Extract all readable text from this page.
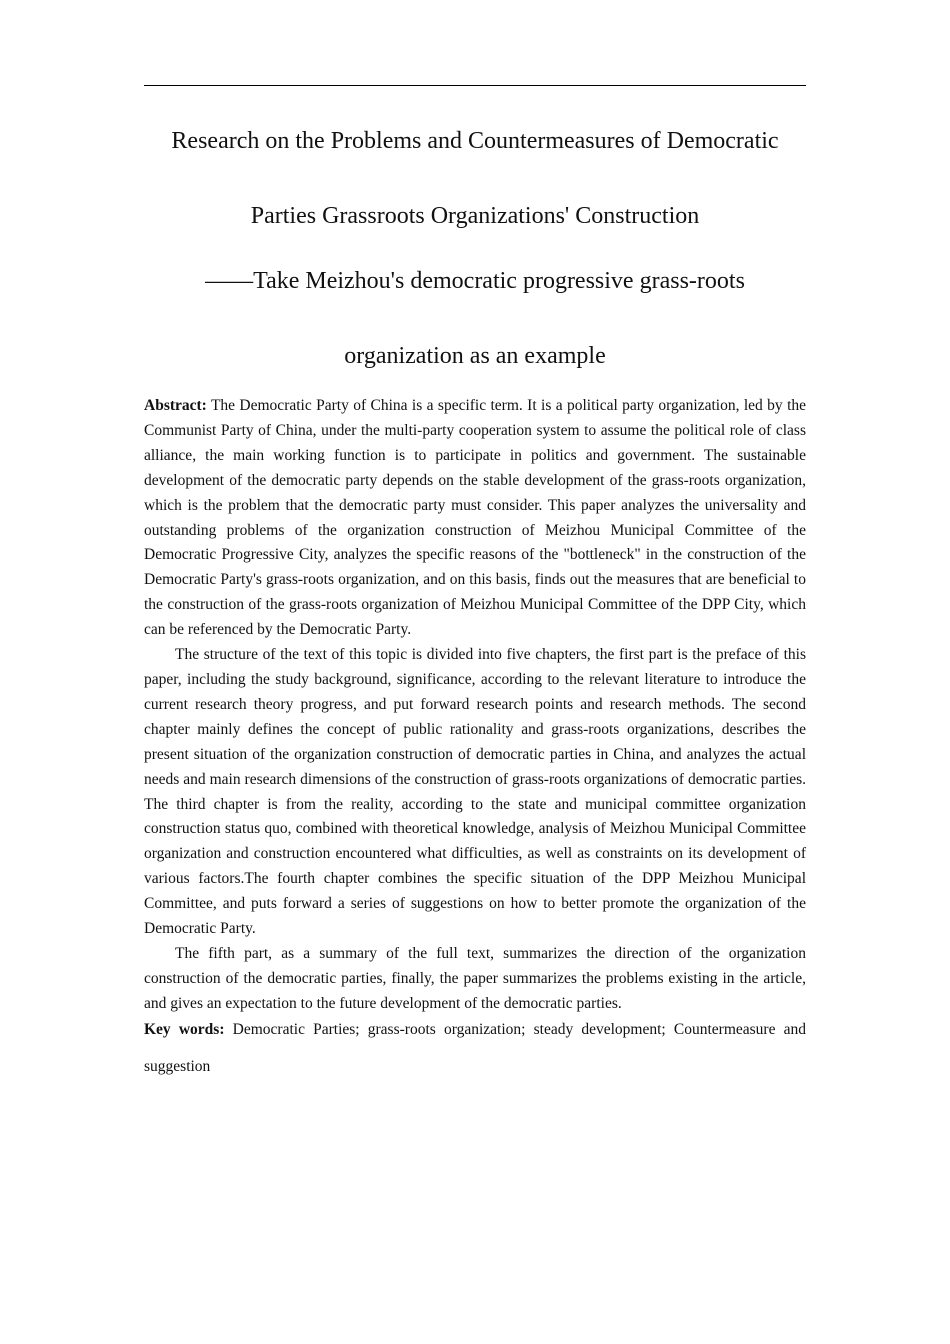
Research on the Problems and Countermeasures of Democratic
Parties Grassroots Organizations' Construction
——Take Meizhou's democratic progressive grass-roots
organization as an example

Abstract: The Democratic Party of China is a specific term. It is a political party organization, led by the Communist Party of China, under the multi-party cooperation system to assume the political role of class alliance, the main working function is to participate in politics and government. The sustainable development of the democratic party depends on the stable development of the grass-roots organization, which is the problem that the democratic party must consider. This paper analyzes the universality and outstanding problems of the organization construction of Meizhou Municipal Committee of the Democratic Progressive City, analyzes the specific reasons of the "bottleneck" in the construction of the Democratic Party's grass-roots organization, and on this basis, finds out the measures that are beneficial to the construction of the grass-roots organization of Meizhou Municipal Committee of the DPP City, which can be referenced by the Democratic Party.

The structure of the text of this topic is divided into five chapters, the first part is the preface of this paper, including the study background, significance, according to the relevant literature to introduce the current research theory progress, and put forward research points and research methods. The second chapter mainly defines the concept of public rationality and grass-roots organizations, describes the present situation of the organization construction of democratic parties in China, and analyzes the actual needs and main research dimensions of the construction of grass-roots organizations of democratic parties. The third chapter is from the reality, according to the state and municipal committee organization construction status quo, combined with theoretical knowledge, analysis of Meizhou Municipal Committee organization and construction encountered what difficulties, as well as constraints on its development of various factors.The fourth chapter combines the specific situation of the DPP Meizhou Municipal Committee, and puts forward a series of suggestions on how to better promote the organization of the Democratic Party.

The fifth part, as a summary of the full text, summarizes the direction of the organization construction of the democratic parties, finally, the paper summarizes the problems existing in the article, and gives an expectation to the future development of the democratic parties.

Key words: Democratic Parties; grass-roots organization; steady development; Countermeasure and suggestion
